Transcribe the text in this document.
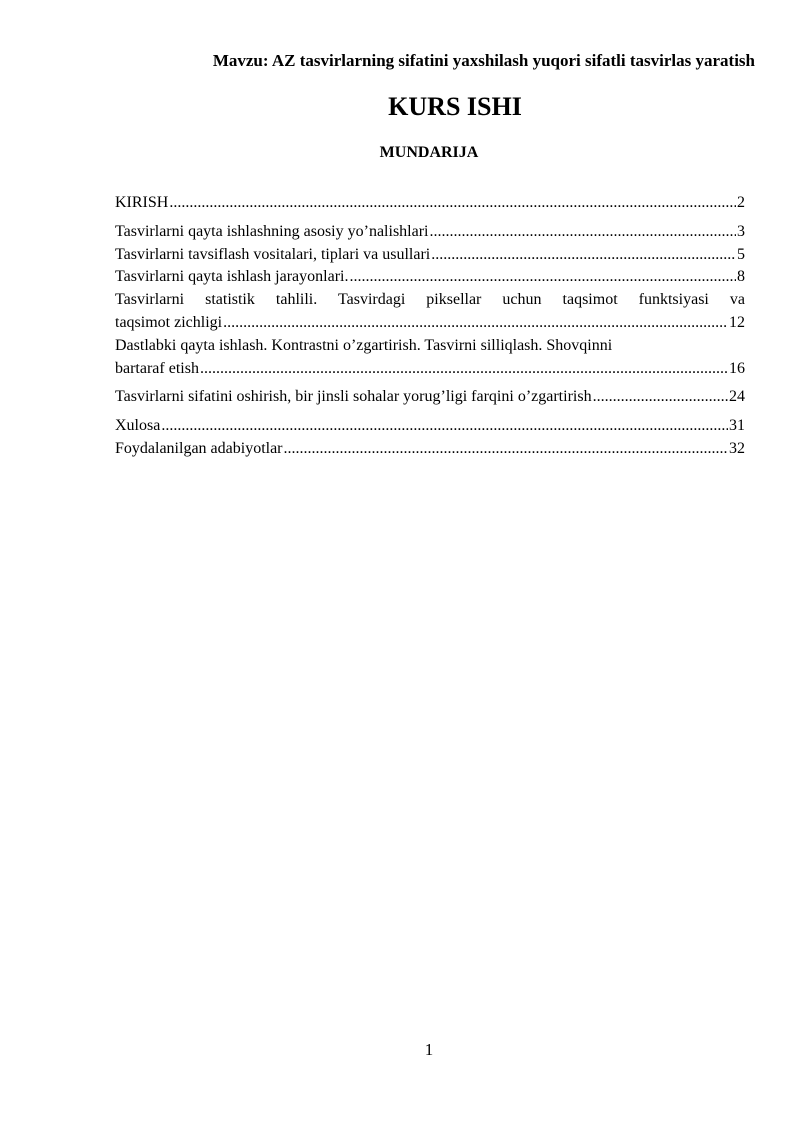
Mavzu: AZ tasvirlarning sifatini yaxshilash yuqori sifatli tasvirlas yaratish
KURS ISHI
MUNDARIJA
KIRISH .....	2
Tasvirlarni qayta ishlashning asosiy yo’nalishlari .....	3
Tasvirlarni tavsiflash vositalari, tiplari va usullari .....	5
Tasvirlarni qayta ishlash jarayonlari. .....	8
Tasvirlarni statistik tahlili. Tasvirdagi piksellar uchun taqsimot funktsiyasi va
taqsimot zichligi .....	12
Dastlabki qayta ishlash. Kontrastni o’zgartirish. Tasvirni silliqlash. Shovqinni
bartaraf etish .....	16
Tasvirlarni sifatini oshirish, bir jinsli sohalar yorug’ligi farqini o’zgartirish .....	24
Xulosa .....	31
Foydalanilgan adabiyotlar .....	32
1
